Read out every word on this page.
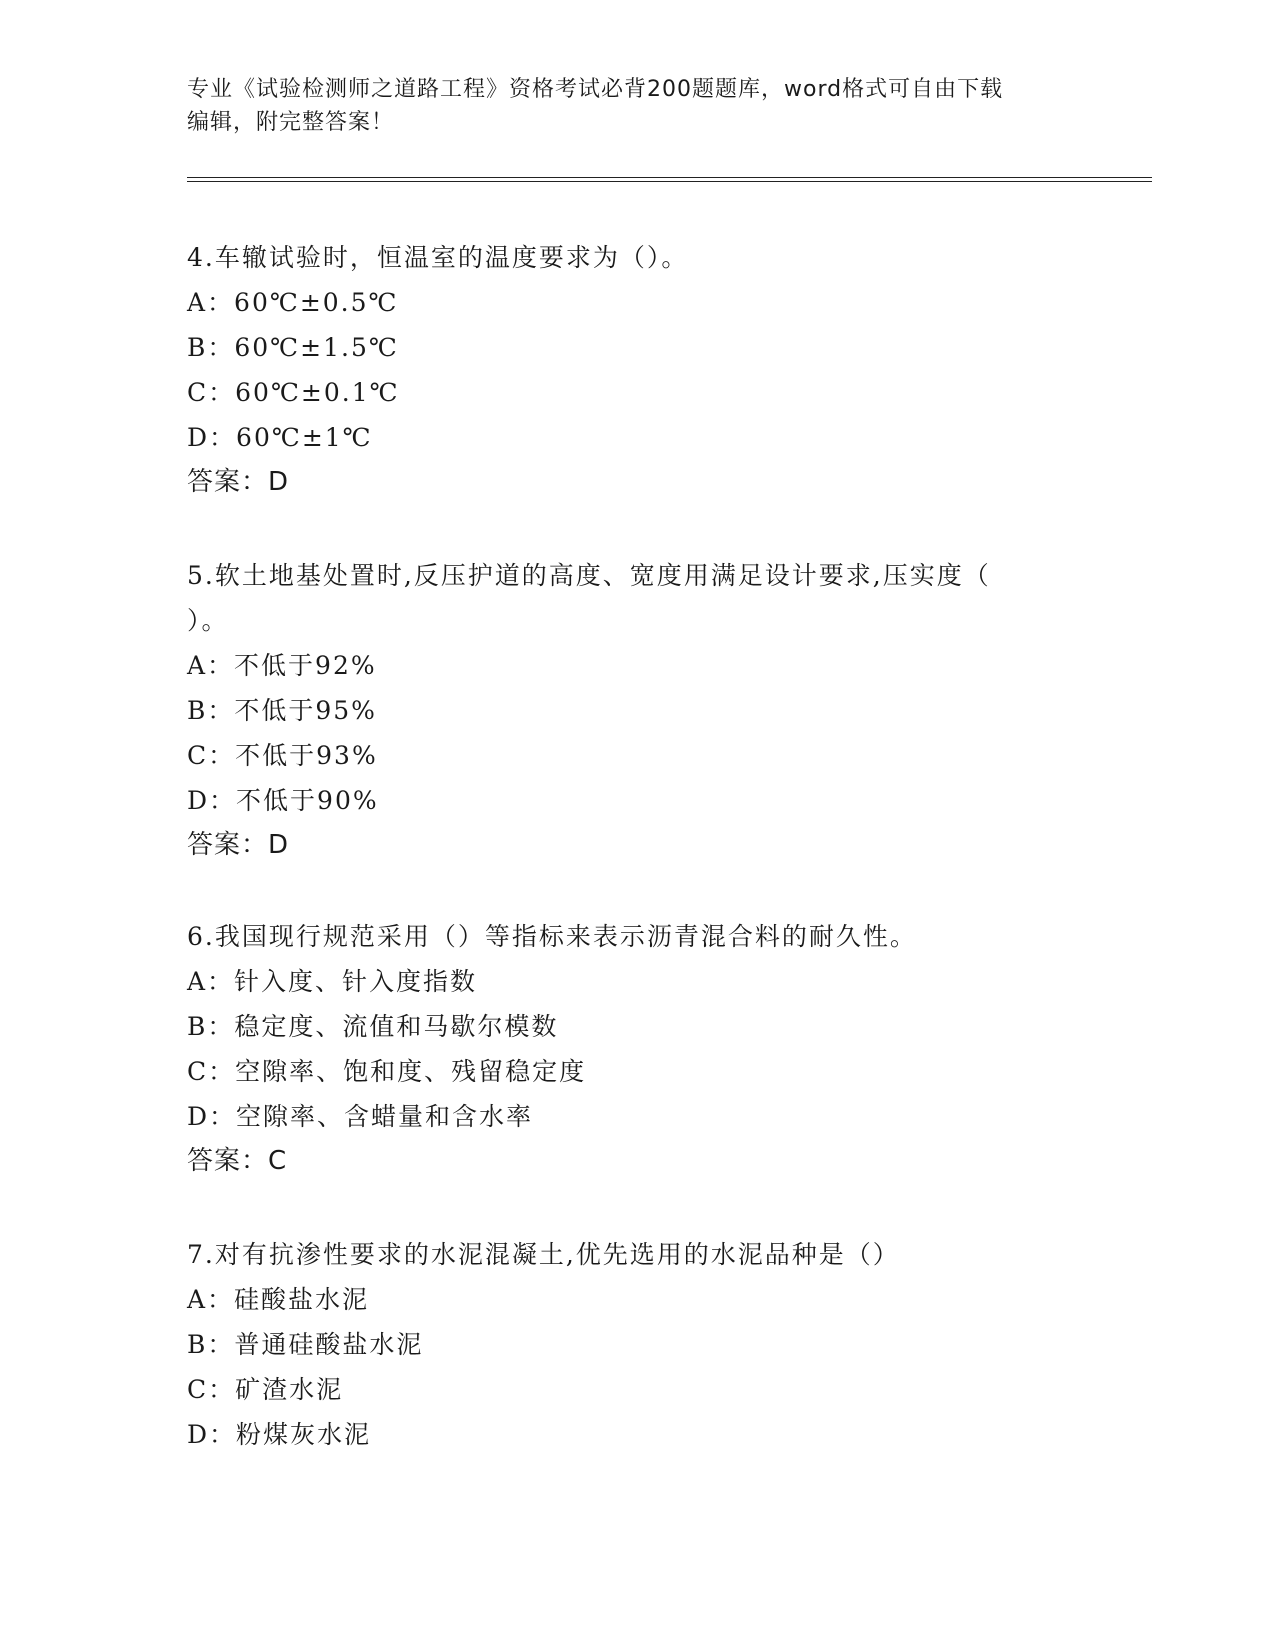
专业《试验检测师之道路工程》资格考试必背200题题库，word格式可自由下载
编辑，附完整答案！
4.车辙试验时，恒温室的温度要求为（）。
A：60℃±0.5℃
B：60℃±1.5℃
C：60℃±0.1℃
D：60℃±1℃
答案：D
5.软土地基处置时,反压护道的高度、宽度用满足设计要求,压实度（
）。
A：不低于92%
B：不低于95%
C：不低于93%
D：不低于90%
答案：D
6.我国现行规范采用（）等指标来表示沥青混合料的耐久性。
A：针入度、针入度指数
B：稳定度、流值和马歇尔模数
C：空隙率、饱和度、残留稳定度
D：空隙率、含蜡量和含水率
答案：C
7.对有抗渗性要求的水泥混凝土,优先选用的水泥品种是（）
A：硅酸盐水泥
B：普通硅酸盐水泥
C：矿渣水泥
D：粉煤灰水泥
